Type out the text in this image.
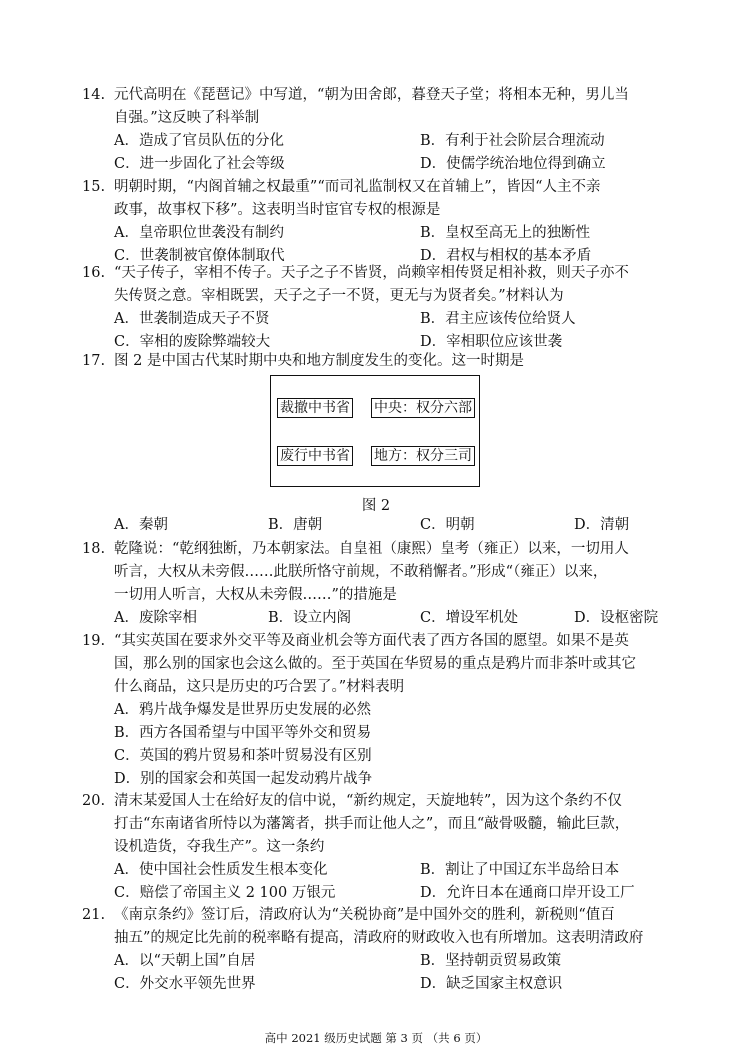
14. 元代高明在《琵琶记》中写道，“朝为田舍郎，暮登天子堂；将相本无种，男儿当
自强。”这反映了科举制
A．造成了官员队伍的分化	B．有利于社会阶层合理流动
C．进一步固化了社会等级	D．使儒学统治地位得到确立
15. 明朝时期，“内阁首辅之权最重”“而司礼监制权又在首辅上”，皆因“人主不亲
政事，故事权下移”。这表明当时宦官专权的根源是
A．皇帝职位世袭没有制约	B．皇权至高无上的独断性
C．世袭制被官僚体制取代	D．君权与相权的基本矛盾
16. “天子传子，宰相不传子。天子之子不皆贤，尚赖宰相传贤足相补救，则天子亦不
失传贤之意。宰相既罢，天子之子一不贤，更无与为贤者矣。”材料认为
A．世袭制造成天子不贤	B．君主应该传位给贤人
C．宰相的废除弊端较大	D．宰相职位应该世袭
17. 图 2 是中国古代某时期中央和地方制度发生的变化。这一时期是
裁撤中书省 中央：权分六部
废行中书省 地方：权分三司
图 2
A．秦朝	B．唐朝	C．明朝	D．清朝
18. 乾隆说：“乾纲独断，乃本朝家法。自皇祖（康熙）皇考（雍正）以来，一切用人
听言，大权从未旁假……此朕所恪守前规，不敢稍懈者。”形成“（雍正）以来，
一切用人听言，大权从未旁假……”的措施是
A．废除宰相	B．设立内阁	C．增设军机处	D．设枢密院
19. “其实英国在要求外交平等及商业机会等方面代表了西方各国的愿望。如果不是英
国，那么别的国家也会这么做的。至于英国在华贸易的重点是鸦片而非茶叶或其它
什么商品，这只是历史的巧合罢了。”材料表明
A．鸦片战争爆发是世界历史发展的必然
B．西方各国希望与中国平等外交和贸易
C．英国的鸦片贸易和茶叶贸易没有区别
D．别的国家会和英国一起发动鸦片战争
20. 清末某爱国人士在给好友的信中说，“新约规定，天旋地转”，因为这个条约不仅
打击“东南诸省所恃以为藩篱者，拱手而让他人之”，而且“敲骨吸髓，输此巨款，
设机造货，夺我生产”。这一条约
A．使中国社会性质发生根本变化	B．割让了中国辽东半岛给日本
C．赔偿了帝国主义 2 100 万银元	D．允许日本在通商口岸开设工厂
21. 《南京条约》签订后，清政府认为“关税协商”是中国外交的胜利，新税则“值百
抽五”的规定比先前的税率略有提高，清政府的财政收入也有所增加。这表明清政府
A．以“天朝上国”自居	B．坚持朝贡贸易政策
C．外交水平领先世界	D．缺乏国家主权意识
高中 2021 级历史试题 第 3 页 （共 6 页）
